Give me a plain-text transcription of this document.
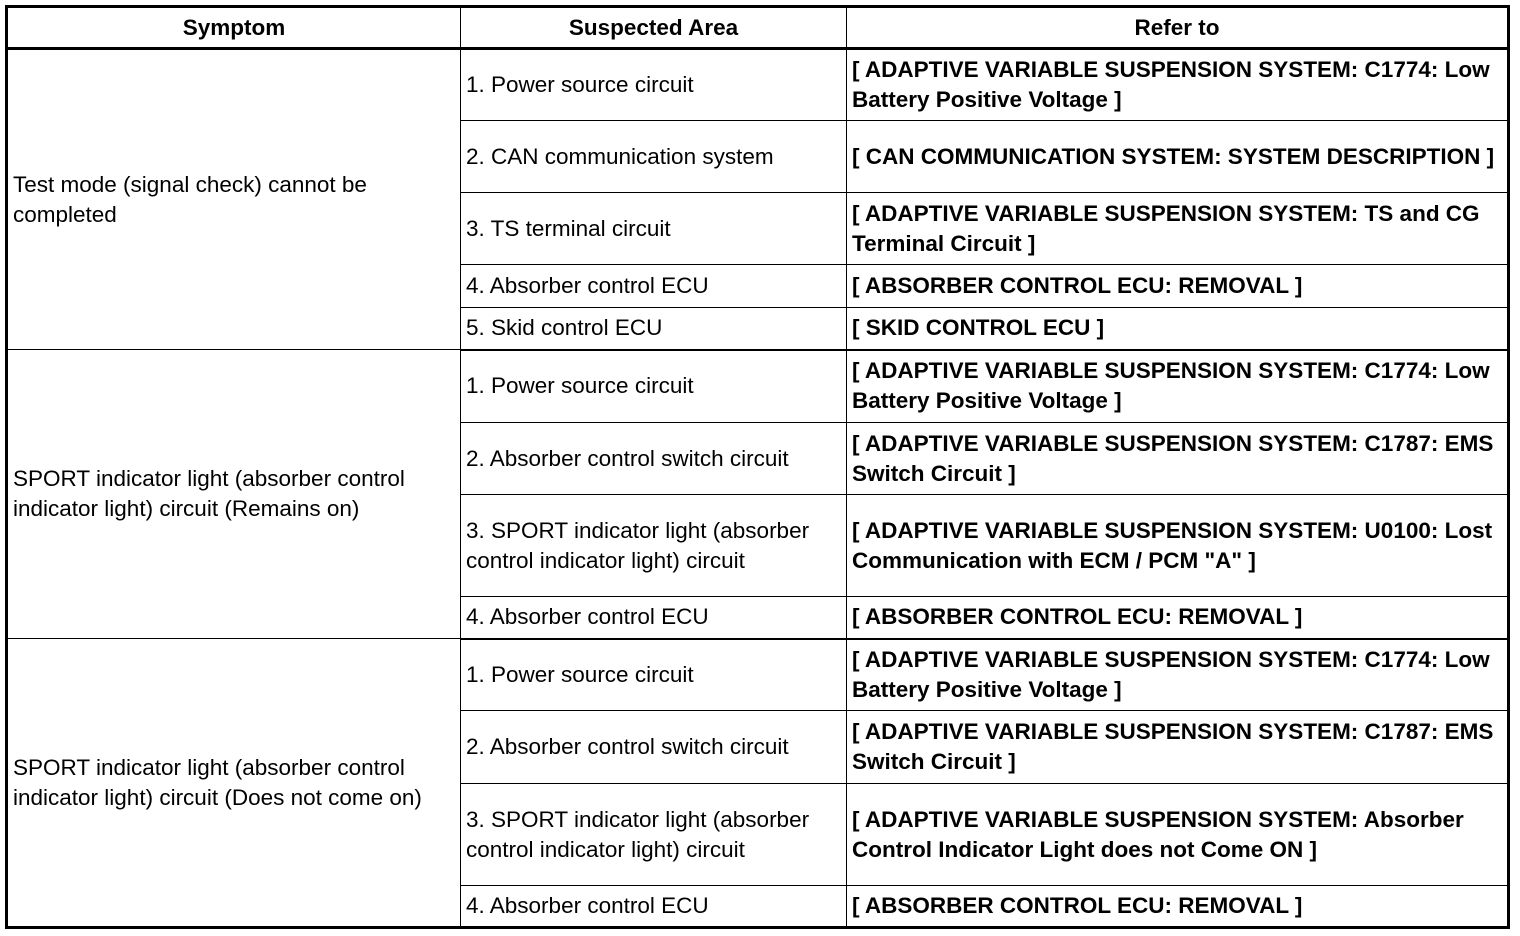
Symptom	Suspected Area	Refer to
Test mode (signal check) cannot be completed	1. Power source circuit	[ ADAPTIVE VARIABLE SUSPENSION SYSTEM: C1774: Low Battery Positive Voltage ]
	2. CAN communication system	[ CAN COMMUNICATION SYSTEM: SYSTEM DESCRIPTION ]
	3. TS terminal circuit	[ ADAPTIVE VARIABLE SUSPENSION SYSTEM: TS and CG Terminal Circuit ]
	4. Absorber control ECU	[ ABSORBER CONTROL ECU: REMOVAL ]
	5. Skid control ECU	[ SKID CONTROL ECU ]
SPORT indicator light (absorber control indicator light) circuit (Remains on)	1. Power source circuit	[ ADAPTIVE VARIABLE SUSPENSION SYSTEM: C1774: Low Battery Positive Voltage ]
	2. Absorber control switch circuit	[ ADAPTIVE VARIABLE SUSPENSION SYSTEM: C1787: EMS Switch Circuit ]
	3. SPORT indicator light (absorber control indicator light) circuit	[ ADAPTIVE VARIABLE SUSPENSION SYSTEM: U0100: Lost Communication with ECM / PCM "A" ]
	4. Absorber control ECU	[ ABSORBER CONTROL ECU: REMOVAL ]
SPORT indicator light (absorber control indicator light) circuit (Does not come on)	1. Power source circuit	[ ADAPTIVE VARIABLE SUSPENSION SYSTEM: C1774: Low Battery Positive Voltage ]
	2. Absorber control switch circuit	[ ADAPTIVE VARIABLE SUSPENSION SYSTEM: C1787: EMS Switch Circuit ]
	3. SPORT indicator light (absorber control indicator light) circuit	[ ADAPTIVE VARIABLE SUSPENSION SYSTEM: Absorber Control Indicator Light does not Come ON ]
	4. Absorber control ECU	[ ABSORBER CONTROL ECU: REMOVAL ]
